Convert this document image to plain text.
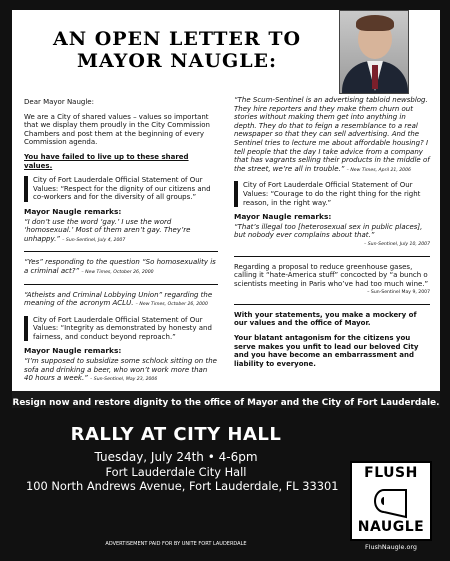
AN OPEN LETTER TO
MAYOR NAUGLE:

Dear Mayor Naugle:

We are a City of shared values – values so important that we display them proudly in the City Commission Chambers and post them at the beginning of every Commission agenda.

You have failed to live up to these shared values.

City of Fort Lauderdale Official Statement of Our Values: “Respect for the dignity of our citizens and co-workers and for the diversity of all groups.”
Mayor Naugle remarks:

“I don’t use the word ‘gay.’ I use the word ‘homosexual.’ Most of them aren’t gay. They’re unhappy.” – Sun-Sentinel, July 4, 2007

“Yes” responding to the question “So homosexuality is a criminal act?” – New Times, October 26, 2000

“Atheists and Criminal Lobbying Union” regarding the meaning of the acronym ACLU. – New Times, October 26, 2000

City of Fort Lauderdale Official Statement of Our Values: “Integrity as demonstrated by honesty and fairness, and conduct beyond reproach.”
Mayor Naugle remarks:

“I’m supposed to subsidize some schlock sitting on the sofa and drinking a beer, who won’t work more than 40 hours a week.” – Sun-Sentinel, May 23, 2006

“The Scum-Sentinel is an advertising tabloid newsblog. They hire reporters and they make them churn out stories without making them get into anything in depth. They do that to feign a resemblance to a real newspaper so that they can sell advertising. And the Sentinel tries to lecture me about affordable housing? I tell people that the day I take advice from a company that has vagrants selling their products in the middle of the street, we’re all in trouble.” – New Times, April 21, 2006

City of Fort Lauderdale Official Statement of Our Values: “Courage to do the right thing for the right reason, in the right way.”
Mayor Naugle remarks:

“That’s illegal too [heterosexual sex in public places], but nobody ever complains about that.”
– Sun-Sentinel, July 10, 2007

Regarding a proposal to reduce greenhouse gases, calling it “hate-America stuff” concocted by “a bunch o scientists meeting in Paris who’ve had too much wine.”
– Sun-Sentinel May 9, 2007

With your statements, you make a mockery of our values and the office of Mayor.

Your blatant antagonism for the citizens you serve makes you unfit to lead our beloved City and you have become an embarrassment and liability to everyone.

Resign now and restore dignity to the office of Mayor and the City of Fort Lauderdale.
RALLY AT CITY HALL
Tuesday, July 24th • 4-6pm
Fort Lauderdale City Hall
100 North Andrews Avenue, Fort Lauderdale, FL 33301
ADVERTISEMENT PAID FOR BY UNITE FORT LAUDERDALE
FLUSH
NAUGLE
FlushNaugle.org
